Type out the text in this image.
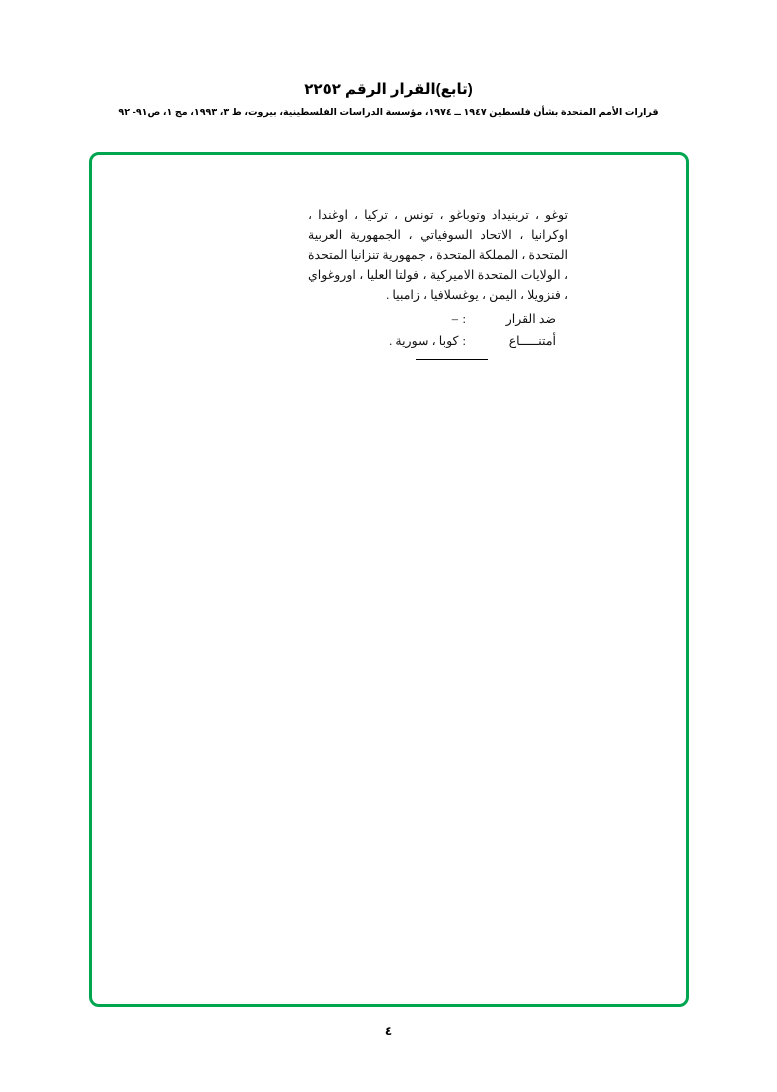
(تابع)القرار الرقم ٢٢٥٢
قرارات الأمم المتحدة بشأن فلسطين ١٩٤٧ ــ ١٩٧٤، مؤسسة الدراسات الفلسطينية، بيروت، ط ٣، ١٩٩٣، مج ١، ص٩١- ٩٢

توغو ، تربنيداد وتوباغو ، تونس ، تركيا ، اوغندا ، اوكرانيا ، الاتحاد السوفياتي ، الجمهورية العربية المتحدة ، المملكة المتحدة ، جمهورية تنزانيا المتحدة ، الولايات المتحدة الاميركية ، فولتا العليا ، اوروغواي ، فنزويلا ، اليمن ، يوغسلافيا ، زامبيا .

ضد القرار
:
–
أمتنـــــاع
:
كوبا ، سورية .
٤
